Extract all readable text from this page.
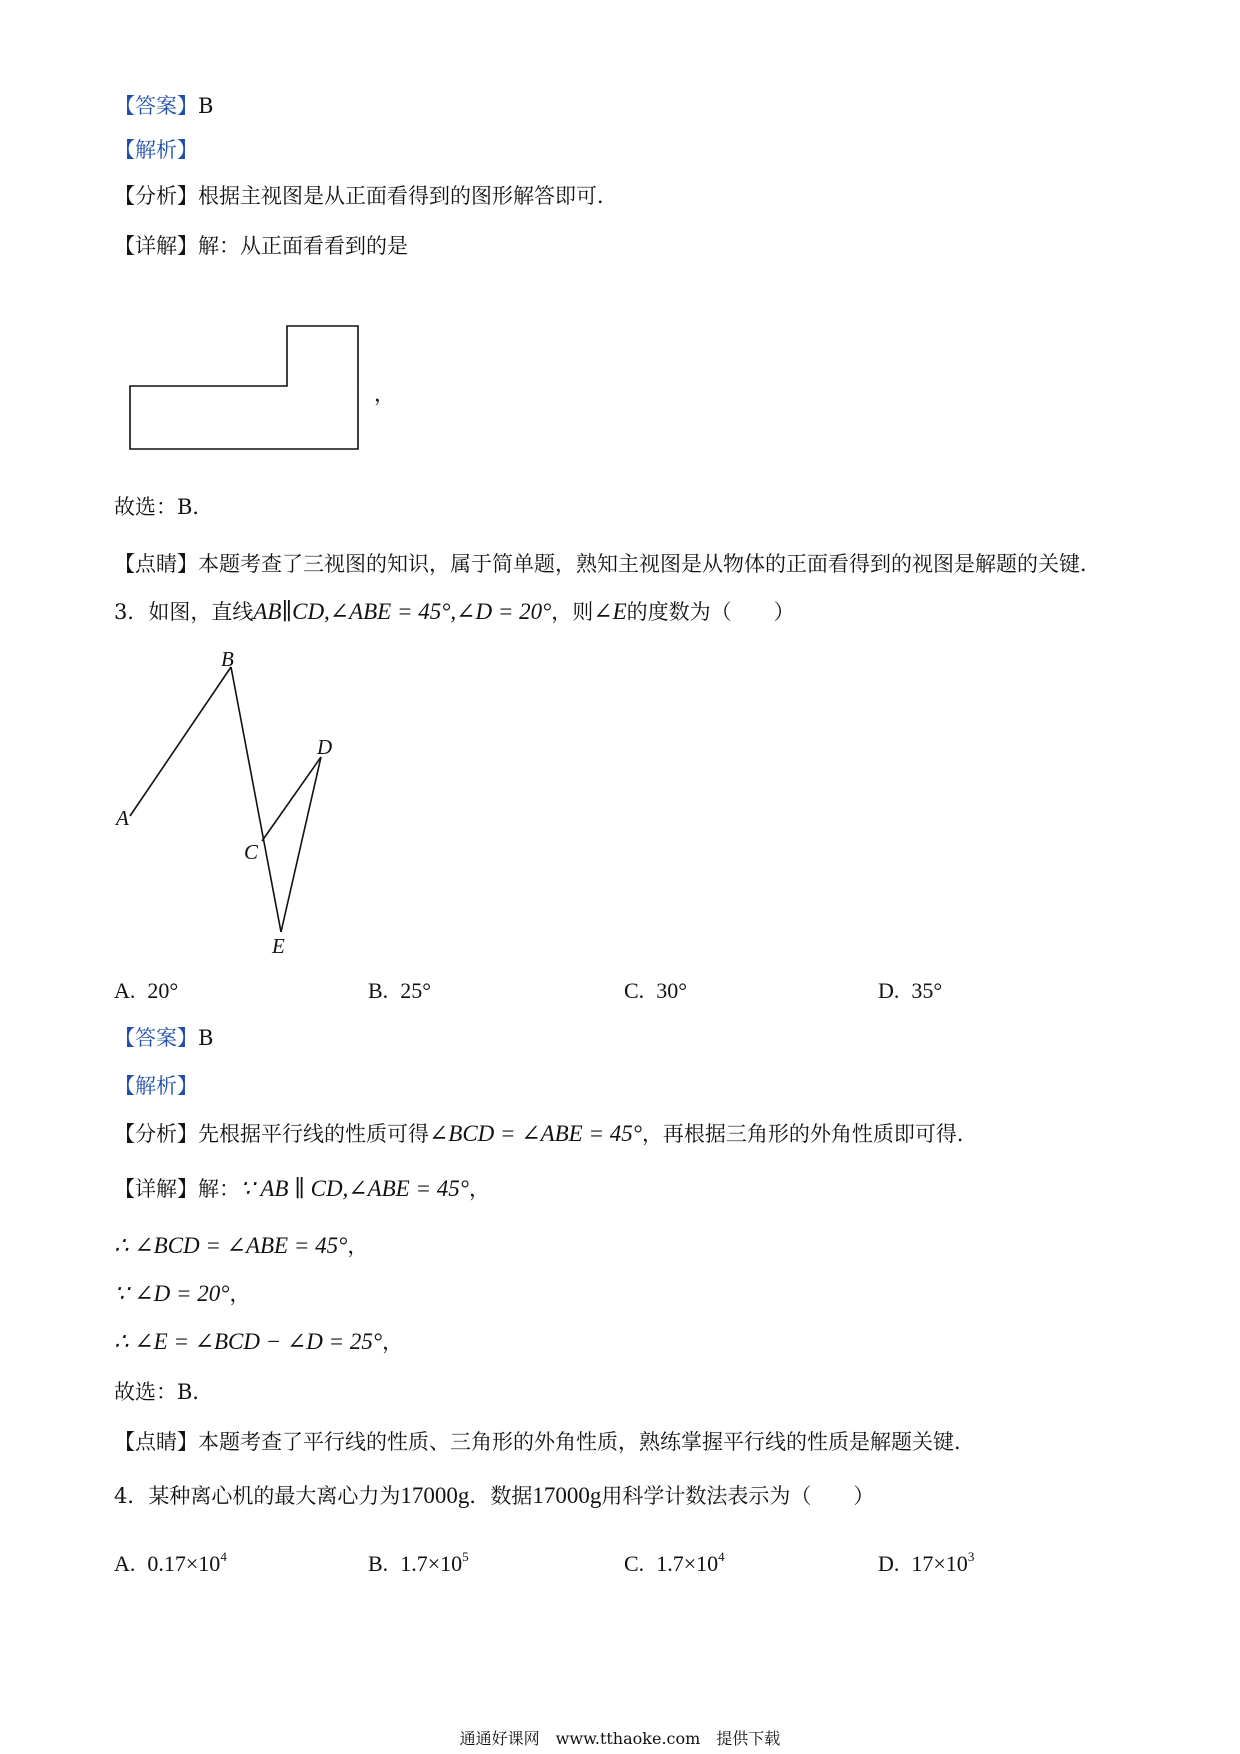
【答案】B
【解析】
【分析】根据主视图是从正面看得到的图形解答即可．
【详解】解：从正面看看到的是
，
故选：B．
【点睛】本题考查了三视图的知识，属于简单题，熟知主视图是从物体的正面看得到的视图是解题的关键．
3．如图，直线AB∥CD,∠ABE = 45°,∠D = 20°，则∠E的度数为（　　）
A
B
C
D
E
A. 20°	B. 25°	C. 30°	D. 35°
【答案】B
【解析】
【分析】先根据平行线的性质可得∠BCD = ∠ABE = 45°，再根据三角形的外角性质即可得．
【详解】解：∵ AB ∥ CD,∠ABE = 45°，
∴ ∠BCD = ∠ABE = 45°，
∵ ∠D = 20°，
∴ ∠E = ∠BCD − ∠D = 25°，
故选：B．
【点睛】本题考查了平行线的性质、三角形的外角性质，熟练掌握平行线的性质是解题关键．
4．某种离心机的最大离心力为17000g．数据17000g用科学计数法表示为（　　）
A. $0.17\times 10^4$	B. $1.7\times 10^5$	C. $1.7\times 10^4$	D. $17\times 10^3$
通通好课网　www.tthaoke.com　提供下载
